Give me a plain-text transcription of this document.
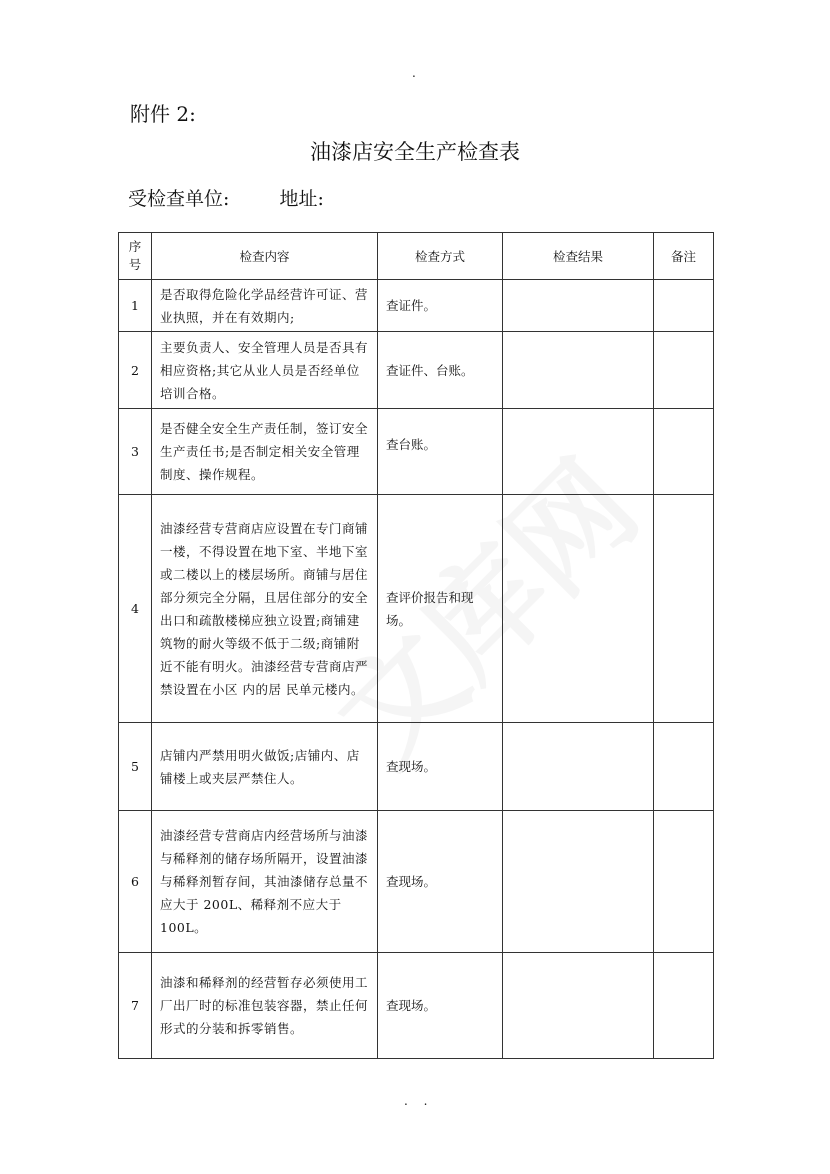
.
附件 2:
油漆店安全生产检查表
受检查单位:	地址:
序
号	检查内容	检查方式	检查结果	备注
1	是否取得危险化学品经营许可证、营业执照，并在有效期内;	查证件。		
2	主要负责人、安全管理人员是否具有相应资格;其它从业人员是否经单位培训合格。	查证件、台账。		
3	是否健全安全生产责任制，签订安全生产责任书;是否制定相关安全管理制度、操作规程。	查台账。		
4	油漆经营专营商店应设置在专门商铺一楼，不得设置在地下室、半地下室或二楼以上的楼层场所。商铺与居住部分须完全分隔，且居住部分的安全出口和疏散楼梯应独立设置;商铺建筑物的耐火等级不低于二级;商铺附近不能有明火。油漆经营专营商店严禁设置在小区 内的居 民单元楼内。	查评价报告和现场。		
5	店铺内严禁用明火做饭;店铺内、店铺楼上或夹层严禁住人。	查现场。		
6	油漆经营专营商店内经营场所与油漆与稀释剂的储存场所隔开，设置油漆与稀释剂暂存间，其油漆储存总量不应大于 200L、稀释剂不应大于 100L。	查现场。		
7	油漆和稀释剂的经营暂存必须使用工厂出厂时的标准包装容器，禁止任何形式的分装和拆零销售。	查现场。		
. .
